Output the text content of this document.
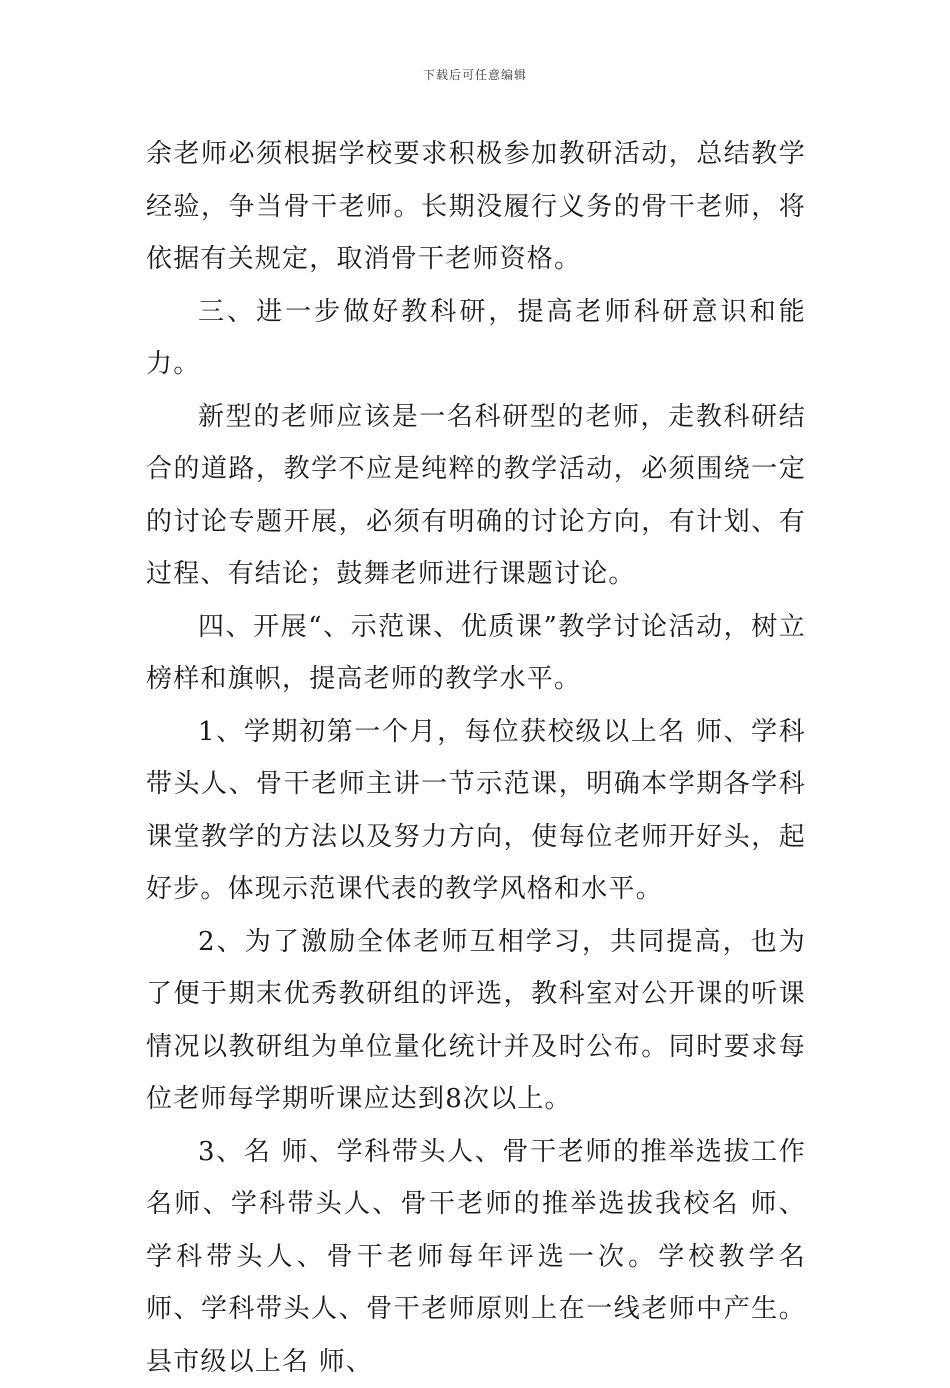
下载后可任意编辑

余老师必须根据学校要求积极参加教研活动，总结教学经验，争当骨干老师。长期没履行义务的骨干老师，将依据有关规定，取消骨干老师资格。

三、进一步做好教科研，提高老师科研意识和能力。

新型的老师应该是一名科研型的老师，走教科研结合的道路，教学不应是纯粹的教学活动，必须围绕一定的讨论专题开展，必须有明确的讨论方向，有计划、有过程、有结论；鼓舞老师进行课题讨论。

四、开展“、示范课、优质课”教学讨论活动，树立榜样和旗帜，提高老师的教学水平。

1、学期初第一个月，每位获校级以上名 师、学科带头人、骨干老师主讲一节示范课，明确本学期各学科课堂教学的方法以及努力方向，使每位老师开好头，起好步。体现示范课代表的教学风格和水平。

2、为了激励全体老师互相学习，共同提高，也为了便于期末优秀教研组的评选，教科室对公开课的听课情况以教研组为单位量化统计并及时公布。同时要求每位老师每学期听课应达到8次以上。

3、名 师、学科带头人、骨干老师的推举选拔工作名师、学科带头人、骨干老师的推举选拔我校名 师、学科带头人、骨干老师每年评选一次。学校教学名 师、学科带头人、骨干老师原则上在一线老师中产生。县市级以上名 师、
